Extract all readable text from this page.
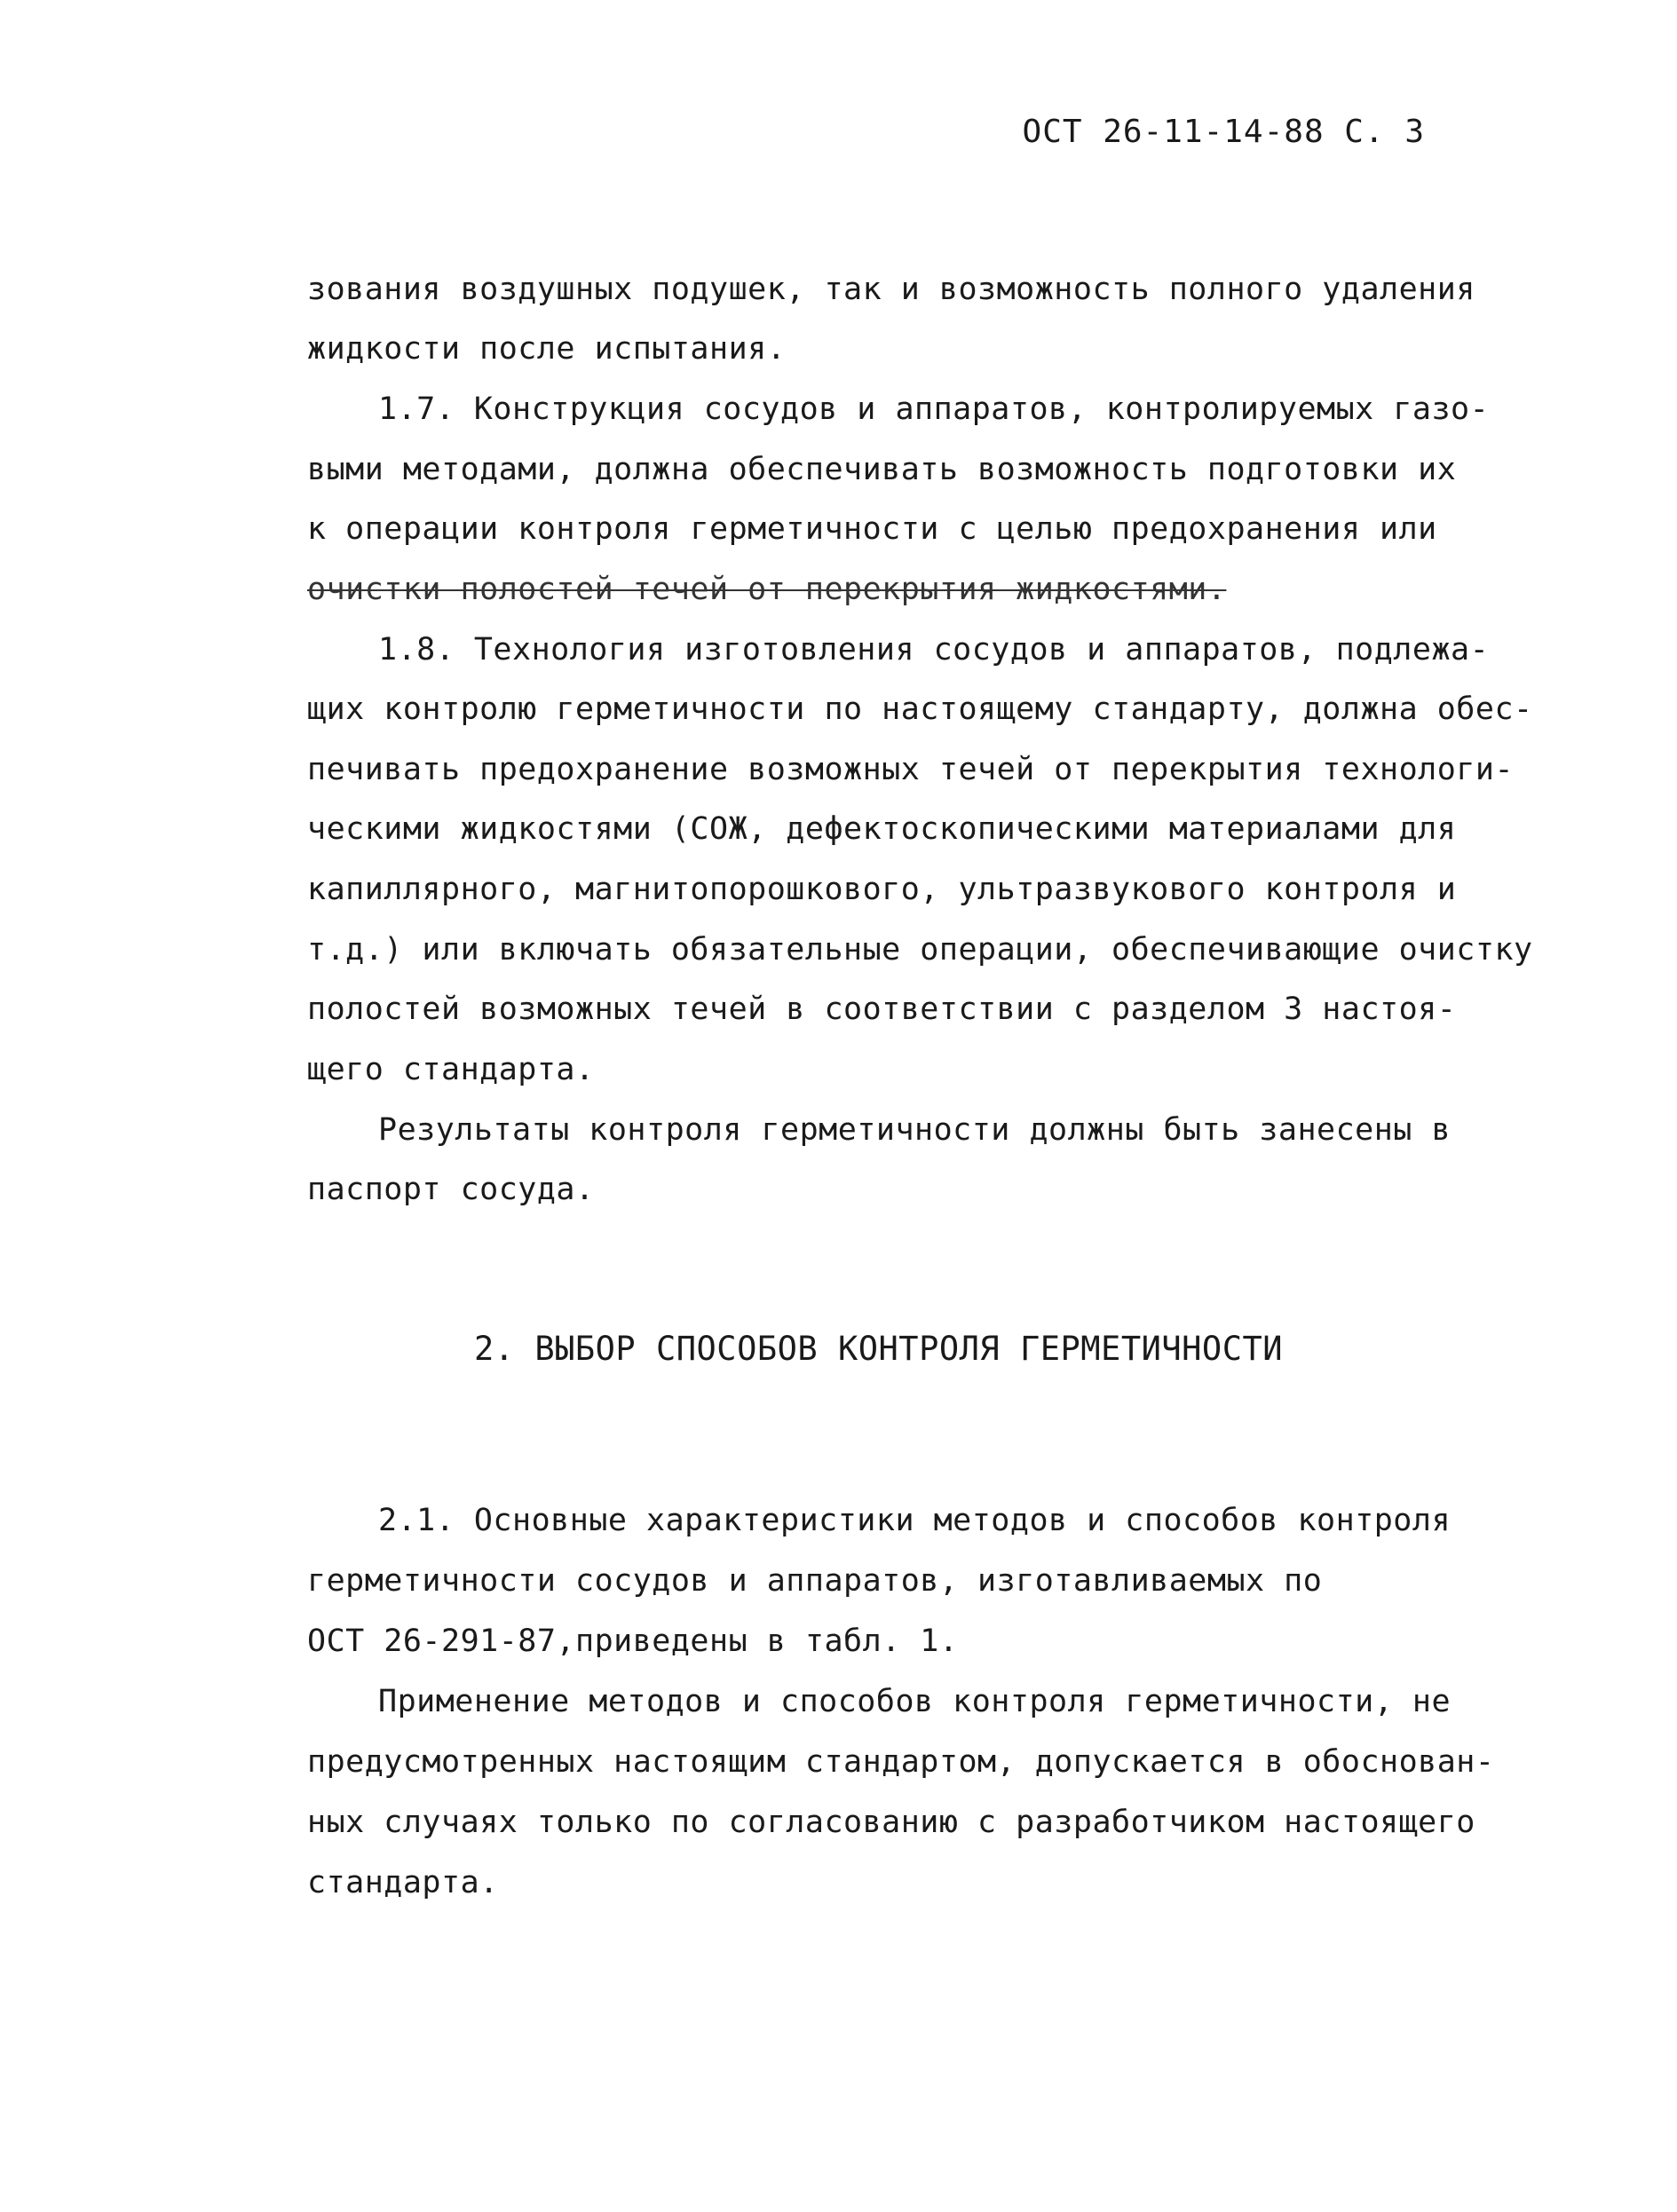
ОСТ 26-11-14-88 С. 3
зования воздушных подушек, так и возможность полного удаления
жидкости после испытания.
1.7. Конструкция сосудов и аппаратов, контролируемых газо-
выми методами, должна обеспечивать возможность подготовки их
к операции контроля герметичности с целью предохранения или
очистки полостей течей от перекрытия жидкостями.
1.8. Технология изготовления сосудов и аппаратов, подлежа-
щих контролю герметичности по настоящему стандарту, должна обес-
печивать предохранение возможных течей от перекрытия технологи-
ческими жидкостями (СОЖ, дефектоскопическими материалами для
капиллярного, магнитопорошкового, ультразвукового контроля и
т.д.) или включать обязательные операции, обеспечивающие очистку
полостей возможных течей в соответствии с разделом 3 настоя-
щего стандарта.
Результаты контроля герметичности должны быть занесены в
паспорт сосуда.
2. ВЫБОР СПОСОБОВ КОНТРОЛЯ ГЕРМЕТИЧНОСТИ
2.1. Основные характеристики методов и способов контроля
герметичности сосудов и аппаратов, изготавливаемых по
ОСТ 26-291-87,приведены в табл. 1.
Применение методов и способов контроля герметичности, не
предусмотренных настоящим стандартом, допускается в обоснован-
ных случаях только по согласованию с разработчиком настоящего
стандарта.
